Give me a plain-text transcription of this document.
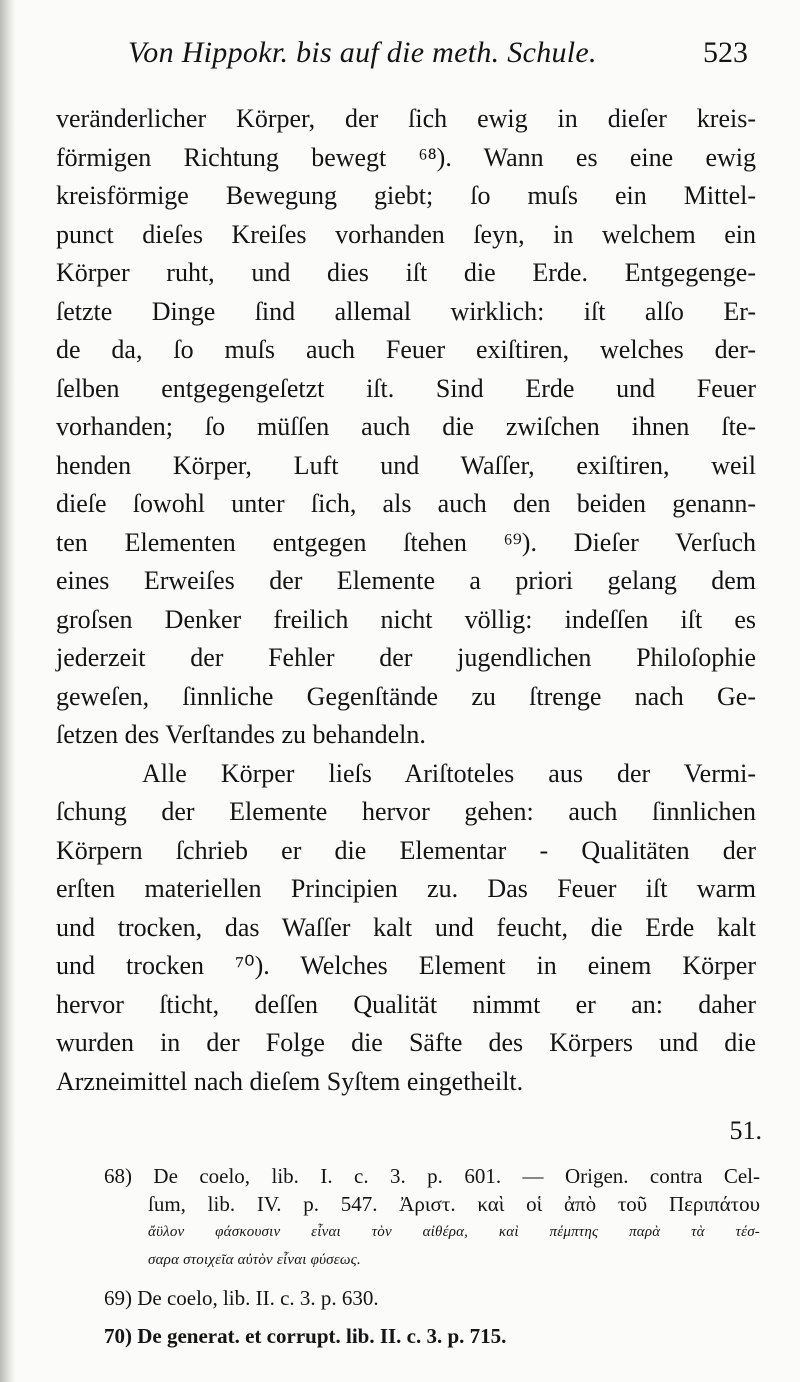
Von Hippokr. bis auf die meth. Schule.	523
veränderlicher Körper, der ſich ewig in dieſer kreis-
förmigen Richtung bewegt ⁶⁸). Wann es eine ewig
kreisförmige Bewegung giebt; ſo muſs ein Mittel-
punct dieſes Kreiſes vorhanden ſeyn, in welchem ein
Körper ruht, und dies iſt die Erde. Entgegenge-
ſetzte Dinge ſind allemal wirklich: iſt alſo Er-
de da, ſo muſs auch Feuer exiſtiren, welches der-
ſelben entgegengeſetzt iſt. Sind Erde und Feuer
vorhanden; ſo müſſen auch die zwiſchen ihnen ſte-
henden Körper, Luft und Waſſer, exiſtiren, weil
dieſe ſowohl unter ſich, als auch den beiden genann-
ten Elementen entgegen ſtehen ⁶⁹). Dieſer Verſuch
eines Erweiſes der Elemente a priori gelang dem
groſsen Denker freilich nicht völlig: indeſſen iſt es
jederzeit der Fehler der jugendlichen Philoſophie
geweſen, ſinnliche Gegenſtände zu ſtrenge nach Ge-
ſetzen des Verſtandes zu behandeln.
Alle Körper lieſs Ariſtoteles aus der Vermi-
ſchung der Elemente hervor gehen: auch ſinnlichen
Körpern ſchrieb er die Elementar - Qualitäten der
erſten materiellen Principien zu. Das Feuer iſt warm
und trocken, das Waſſer kalt und feucht, die Erde kalt
und trocken ⁷⁰). Welches Element in einem Körper
hervor ſticht, deſſen Qualität nimmt er an: daher
wurden in der Folge die Säfte des Körpers und die
Arzneimittel nach dieſem Syſtem eingetheilt.
51.
68) De coelo, lib. I. c. 3. p. 601. — Origen. contra Cel-
ſum, lib. IV. p. 547. Ἀριστ. καὶ οἱ ἀπὸ τοῦ Περιπάτου
ἄϋλον φάσκουσιν εἶναι τὸν αἰθέρα, καὶ πέμπτης παρὰ τὰ τέσ-
σαρα στοιχεῖα αὐτὸν εἶναι φύσεως.
69) De coelo, lib. II. c. 3. p. 630.
70) De generat. et corrupt. lib. II. c. 3. p. 715.
